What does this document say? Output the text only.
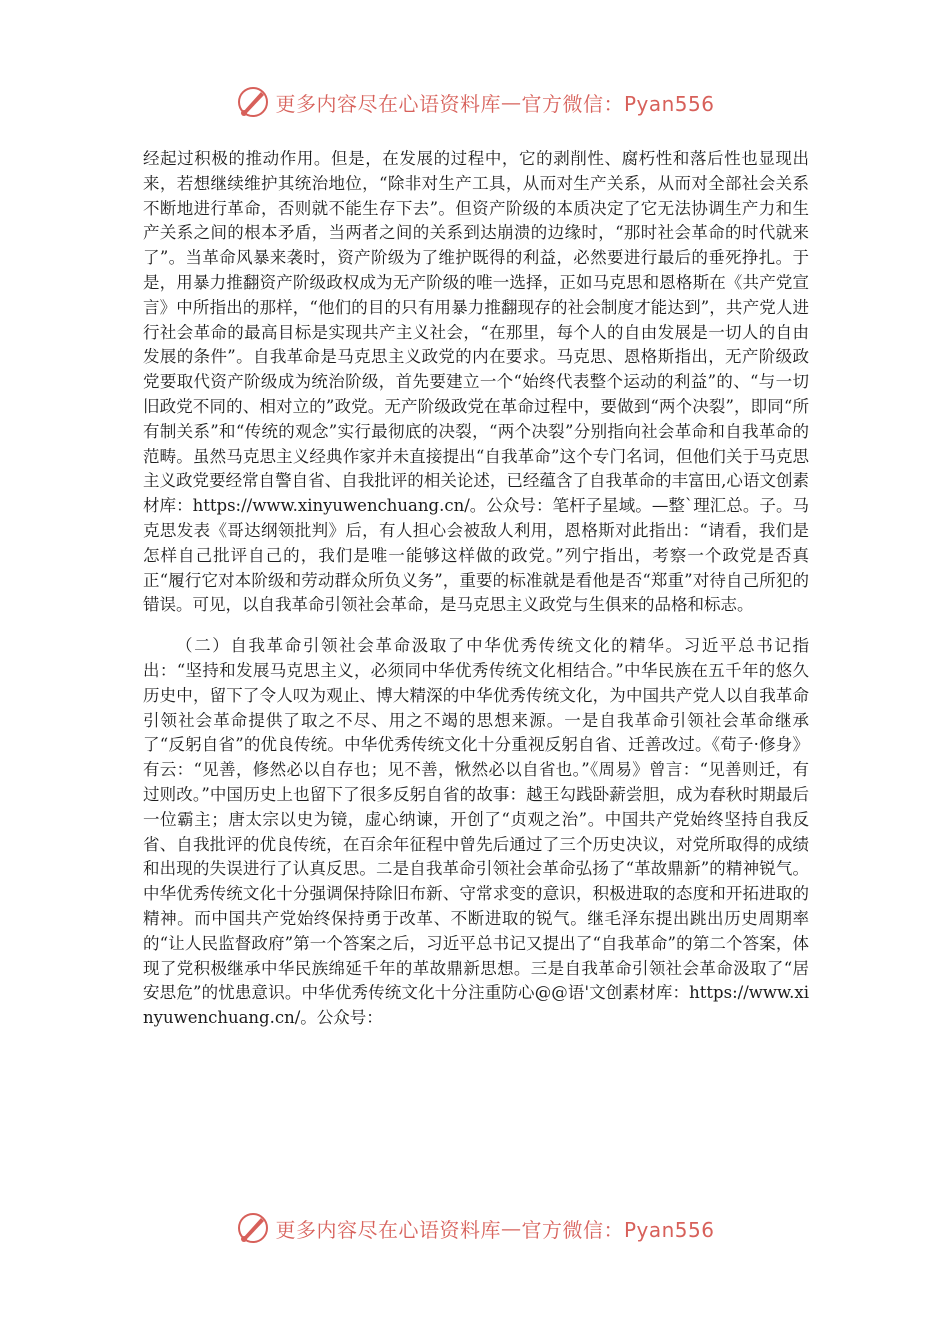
更多内容尽在心语资料库 — 官方微信：Pyan556

经起过积极的推动作用。但是，在发展的过程中，它的剥削性、腐朽性和落后性也显现出来，若想继续维护其统治地位，“除非对生产工具，从而对生产关系，从而对全部社会关系不断地进行革命，否则就不能生存下去”。但资产阶级的本质决定了它无法协调生产力和生产关系之间的根本矛盾，当两者之间的关系到达崩溃的边缘时，“那时社会革命的时代就来了”。当革命风暴来袭时，资产阶级为了维护既得的利益，必然要进行最后的垂死挣扎。于是，用暴力推翻资产阶级政权成为无产阶级的唯一选择，正如马克思和恩格斯在《共产党宣言》中所指出的那样，“他们的目的只有用暴力推翻现存的社会制度才能达到”，共产党人进行社会革命的最高目标是实现共产主义社会，“在那里，每个人的自由发展是一切人的自由发展的条件”。自我革命是马克思主义政党的内在要求。马克思、恩格斯指出，无产阶级政党要取代资产阶级成为统治阶级，首先要建立一个“始终代表整个运动的利益”的、“与一切旧政党不同的、相对立的”政党。无产阶级政党在革命过程中，要做到“两个决裂”，即同“所有制关系”和“传统的观念”实行最彻底的决裂，“两个决裂”分别指向社会革命和自我革命的范畴。虽然马克思主义经典作家并未直接提出“自我革命”这个专门名词，但他们关于马克思主义政党要经常自警自省、自我批评的相关论述，已经蕴含了自我革命的丰富田,心语文创素材库：https://www.xinyuwenchuang.cn/。公众号：笔杆子星域。—整`理汇总。子。马克思发表《哥达纲领批判》后，有人担心会被敌人利用，恩格斯对此指出：“请看，我们是怎样自己批评自己的，我们是唯一能够这样做的政党。”列宁指出，考察一个政党是否真正“履行它对本阶级和劳动群众所负义务”，重要的标准就是看他是否“郑重”对待自己所犯的错误。可见，以自我革命引领社会革命，是马克思主义政党与生俱来的品格和标志。

（二）自我革命引领社会革命汲取了中华优秀传统文化的精华。习近平总书记指出：“坚持和发展马克思主义，必须同中华优秀传统文化相结合。”中华民族在五千年的悠久历史中，留下了令人叹为观止、博大精深的中华优秀传统文化，为中国共产党人以自我革命引领社会革命提供了取之不尽、用之不竭的思想来源。一是自我革命引领社会革命继承了“反躬自省”的优良传统。中华优秀传统文化十分重视反躬自省、迁善改过。《荀子·修身》有云：“见善，修然必以自存也；见不善，愀然必以自省也。”《周易》曾言：“见善则迁，有过则改。”中国历史上也留下了很多反躬自省的故事：越王勾践卧薪尝胆，成为春秋时期最后一位霸主；唐太宗以史为镜，虚心纳谏，开创了“贞观之治”。中国共产党始终坚持自我反省、自我批评的优良传统，在百余年征程中曾先后通过了三个历史决议，对党所取得的成绩和出现的失误进行了认真反思。二是自我革命引领社会革命弘扬了“革故鼎新”的精神锐气。中华优秀传统文化十分强调保持除旧布新、守常求变的意识，积极进取的态度和开拓进取的精神。而中国共产党始终保持勇于改革、不断进取的锐气。继毛泽东提出跳出历史周期率的“让人民监督政府”第一个答案之后，习近平总书记又提出了“自我革命”的第二个答案，体现了党积极继承中华民族绵延千年的革故鼎新思想。三是自我革命引领社会革命汲取了“居安思危”的忧患意识。中华优秀传统文化十分注重防心@@语'文创素材库：https://www.xinyuwenchuang.cn/。公众号：

更多内容尽在心语资料库 — 官方微信：Pyan556
